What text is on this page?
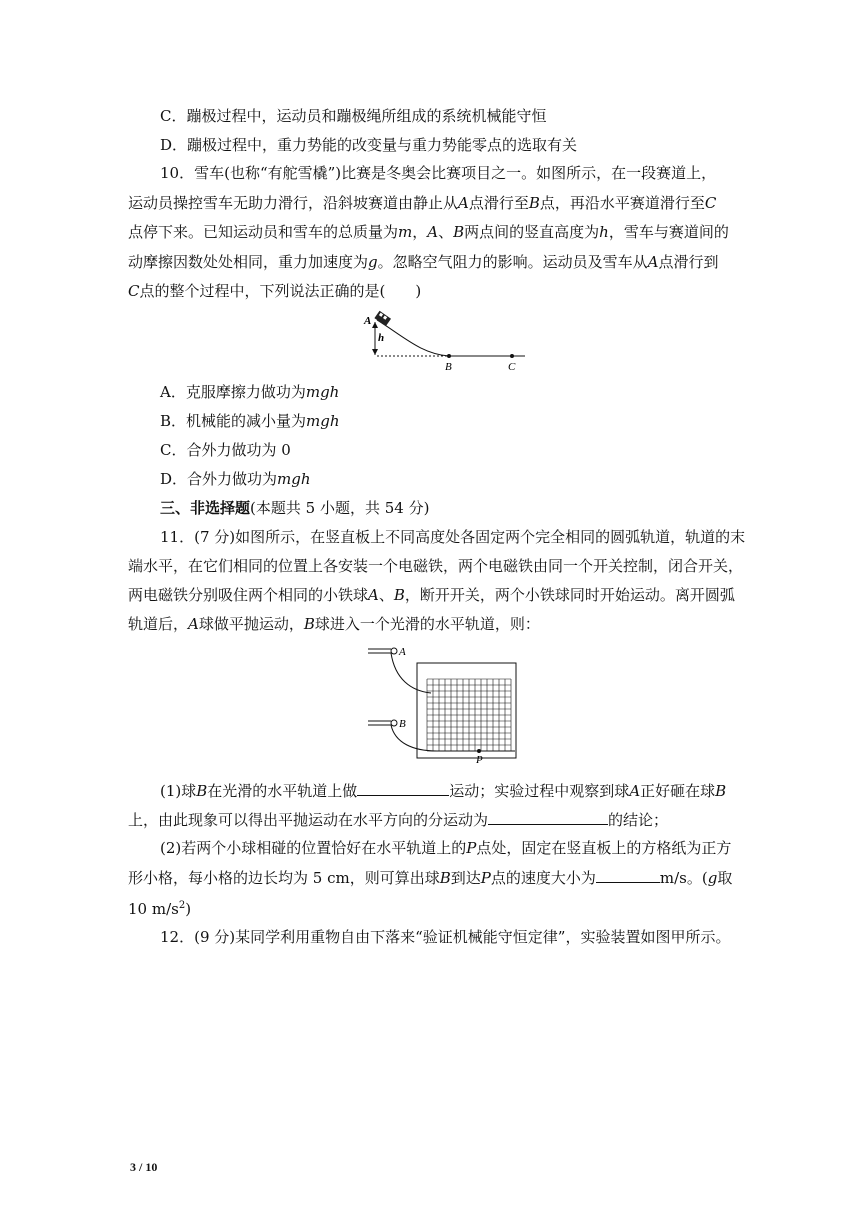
C．蹦极过程中，运动员和蹦极绳所组成的系统机械能守恒
D．蹦极过程中，重力势能的改变量与重力势能零点的选取有关
10．雪车(也称“有舵雪橇”)比赛是冬奥会比赛项目之一。如图所示，在一段赛道上，
运动员操控雪车无助力滑行，沿斜坡赛道由静止从A点滑行至B点，再沿水平赛道滑行至C
点停下来。已知运动员和雪车的总质量为m，A、B两点间的竖直高度为h，雪车与赛道间的
动摩擦因数处处相同，重力加速度为g。忽略空气阻力的影响。运动员及雪车从A点滑行到
C点的整个过程中，下列说法正确的是(　　)
A
h
B	C
A．克服摩擦力做功为mgh
B．机械能的减小量为mgh
C．合外力做功为 0
D．合外力做功为mgh
三、非选择题(本题共 5 小题，共 54 分)
11．(7 分)如图所示，在竖直板上不同高度处各固定两个完全相同的圆弧轨道，轨道的末
端水平，在它们相同的位置上各安装一个电磁铁，两个电磁铁由同一个开关控制，闭合开关，
两电磁铁分别吸住两个相同的小铁球A、B，断开开关，两个小铁球同时开始运动。离开圆弧
轨道后，A球做平抛运动，B球进入一个光滑的水平轨道，则：
A
B
P
(1)球B在光滑的水平轨道上做	运动；实验过程中观察到球A正好砸在球B
上，由此现象可以得出平抛运动在水平方向的分运动为	的结论；
(2)若两个小球相碰的位置恰好在水平轨道上的P点处，固定在竖直板上的方格纸为正方
形小格，每小格的边长均为 5 cm，则可算出球B到达P点的速度大小为	m/s。(g取
10 $m/s^2$)
12．(9 分)某同学利用重物自由下落来“验证机械能守恒定律”，实验装置如图甲所示。
3 / 10
